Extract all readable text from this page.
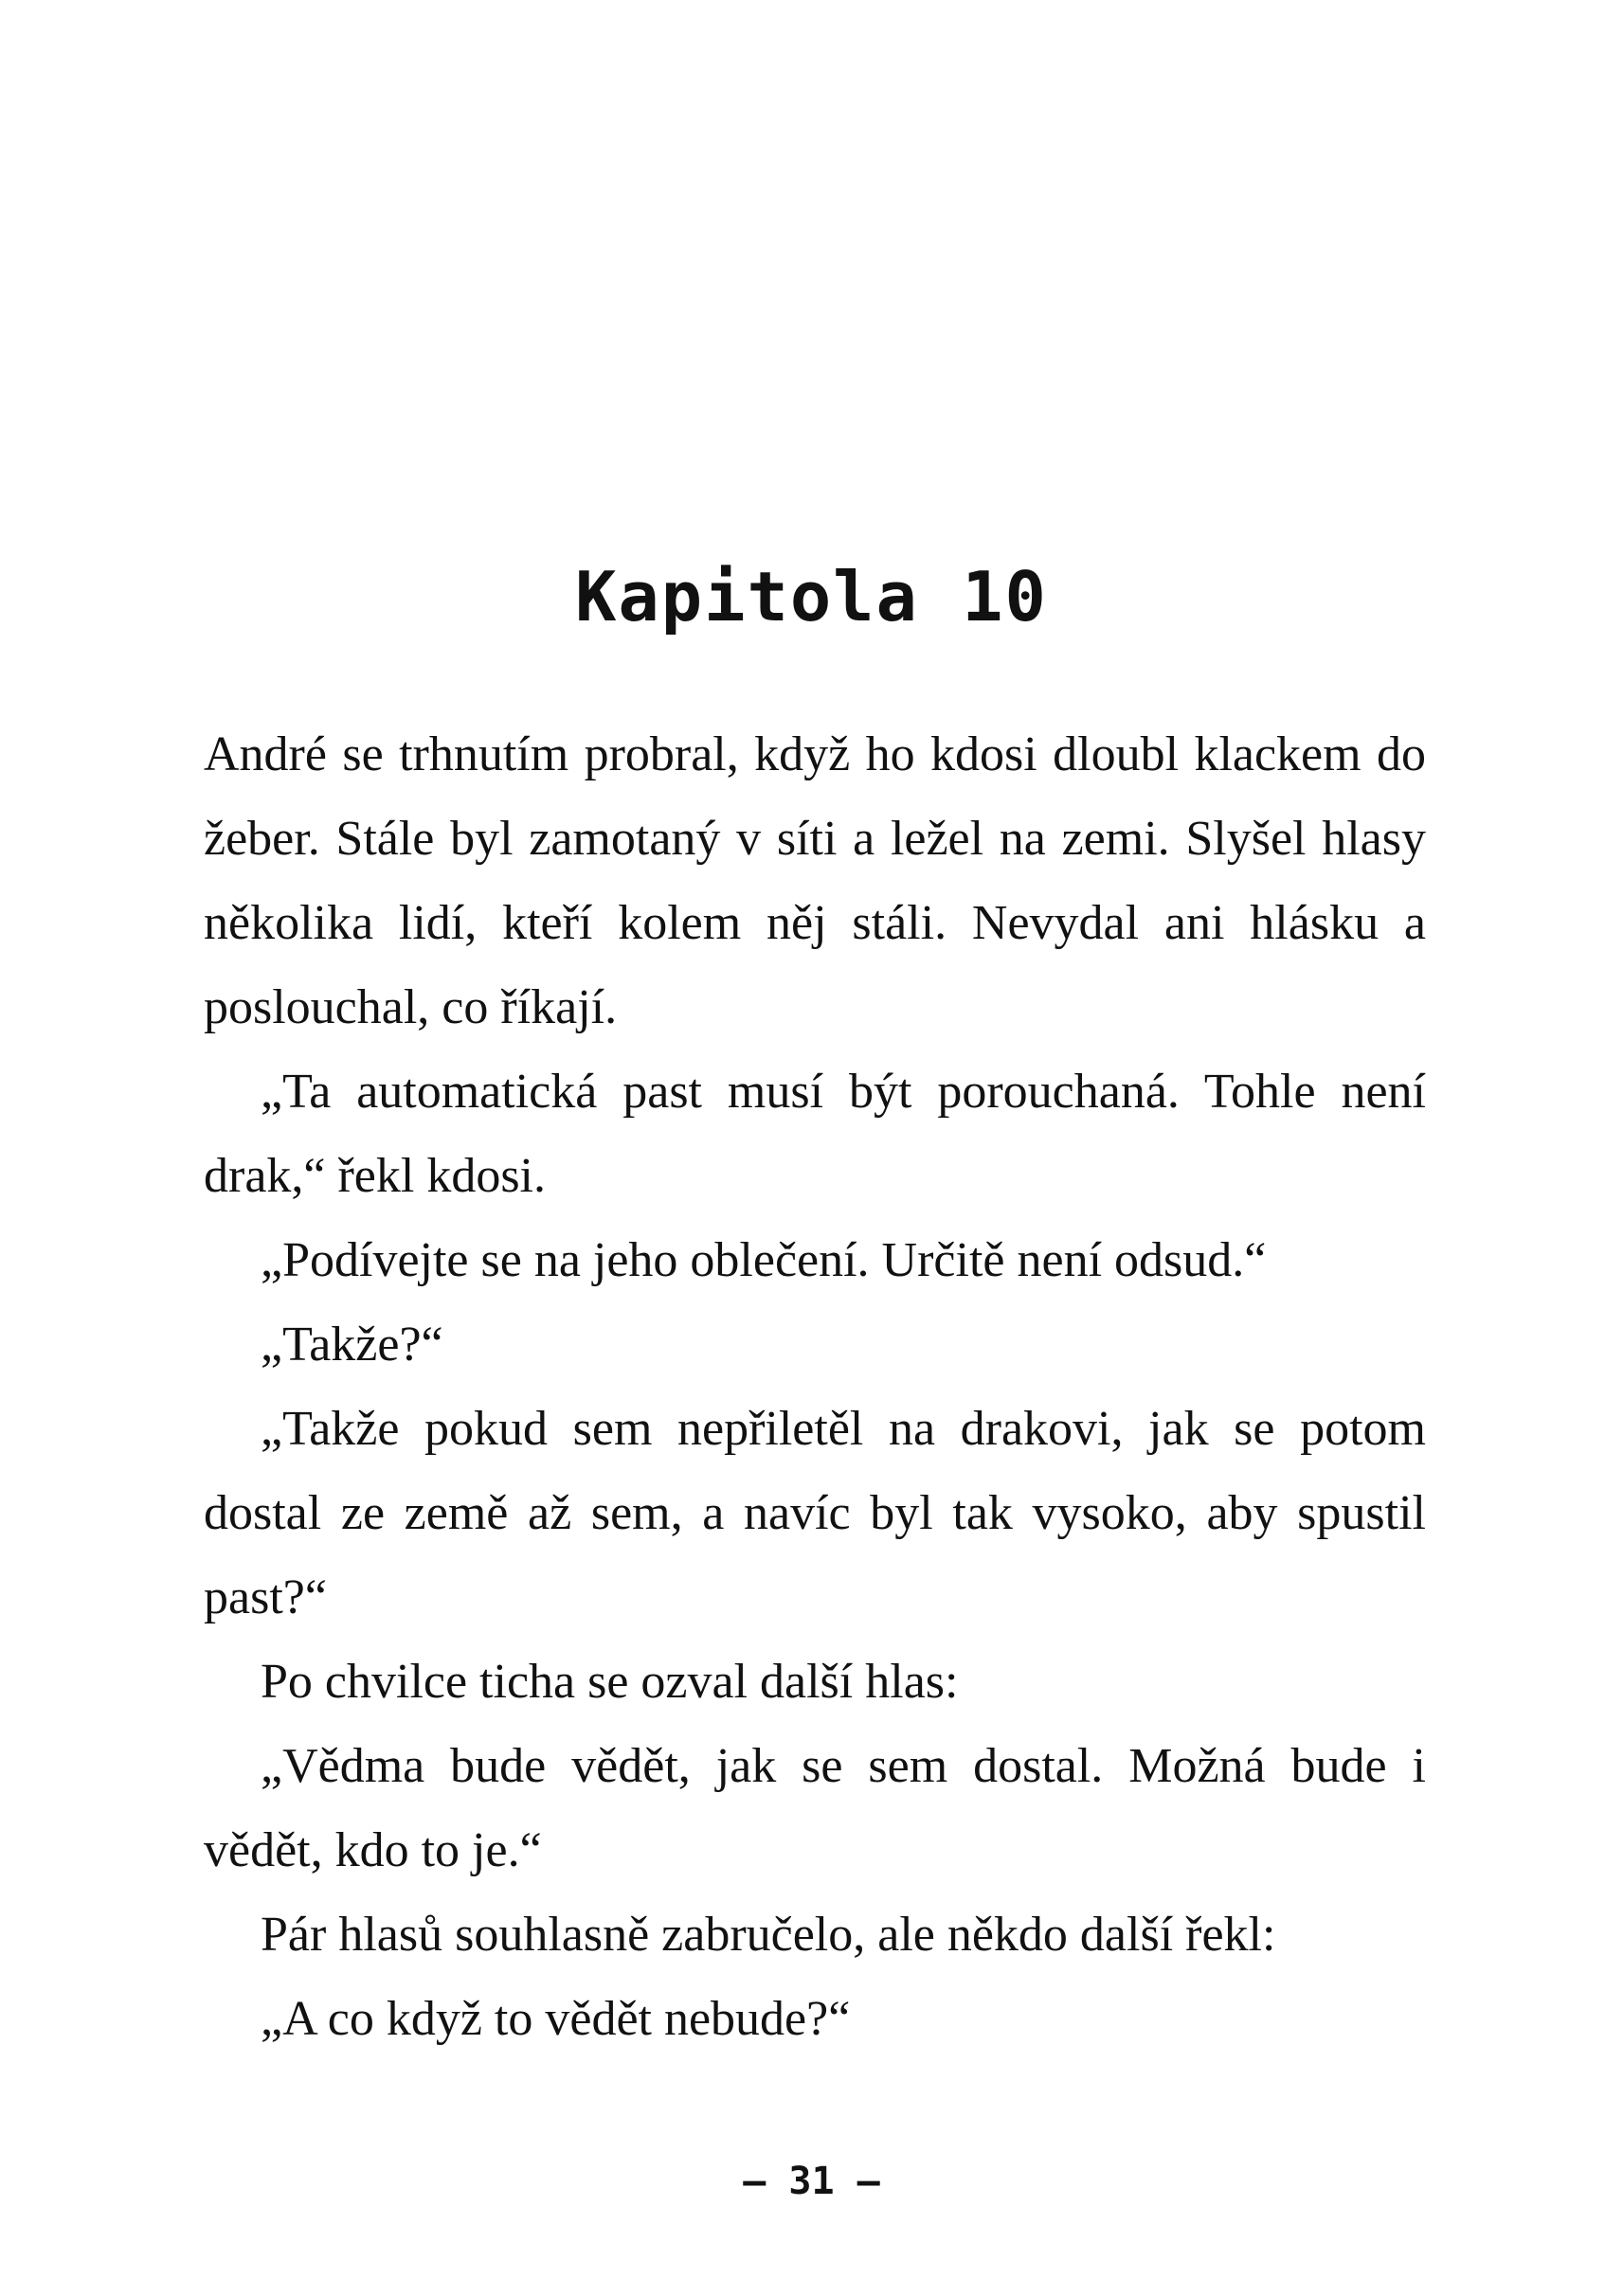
Kapitola 10

André se trhnutím probral, když ho kdosi dloubl klackem do žeber. Stále byl zamotaný v síti a ležel na zemi. Slyšel hlasy několika lidí, kteří kolem něj stáli. Nevydal ani hlásku a poslouchal, co říkají.

„Ta automatická past musí být porouchaná. Tohle není drak,“ řekl kdosi.

„Podívejte se na jeho oblečení. Určitě není odsud.“

„Takže?“

„Takže pokud sem nepřiletěl na drakovi, jak se potom dostal ze země až sem, a navíc byl tak vysoko, aby spustil past?“

Po chvilce ticha se ozval další hlas:

„Vědma bude vědět, jak se sem dostal. Možná bude i vědět, kdo to je.“

Pár hlasů souhlasně zabručelo, ale někdo další řekl:

„A co když to vědět nebude?“

– 31 –
